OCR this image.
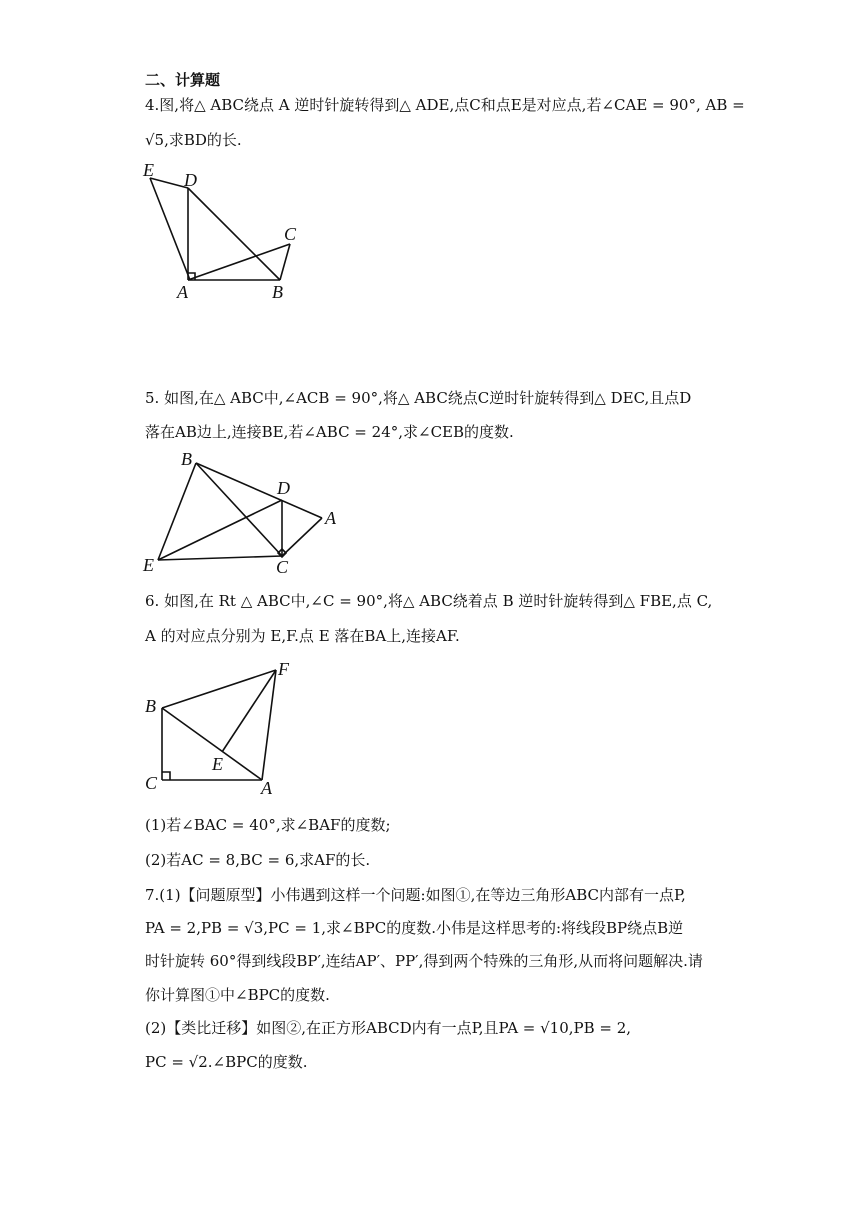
二、计算题
4.图,将△ ABC绕点 A 逆时针旋转得到△ ADE,点C和点E是对应点,若∠CAE = 90°, AB =
√5,求BD的长.
E D
C
A	B
B
D
A
E	C
F
B
E
C	A
5. 如图,在△ ABC中,∠ACB = 90°,将△ ABC绕点C逆时针旋转得到△ DEC,且点D
落在AB边上,连接BE,若∠ABC = 24°,求∠CEB的度数.
6. 如图,在 Rt △ ABC中,∠C = 90°,将△ ABC绕着点 B 逆时针旋转得到△ FBE,点 C,
A 的对应点分别为 E,F.点 E 落在BA上,连接AF.
(1)若∠BAC = 40°,求∠BAF的度数;
(2)若AC = 8,BC = 6,求AF的长.
7.(1)【问题原型】小伟遇到这样一个问题:如图①,在等边三角形ABC内部有一点P,
PA = 2,PB = √3,PC = 1,求∠BPC的度数.小伟是这样思考的:将线段BP绕点B逆
时针旋转 60°得到线段BP′,连结AP′、PP′,得到两个特殊的三角形,从而将问题解决.请
你计算图①中∠BPC的度数.
(2)【类比迁移】如图②,在正方形ABCD内有一点P,且PA = √10,PB = 2,
PC = √2.∠BPC的度数.
